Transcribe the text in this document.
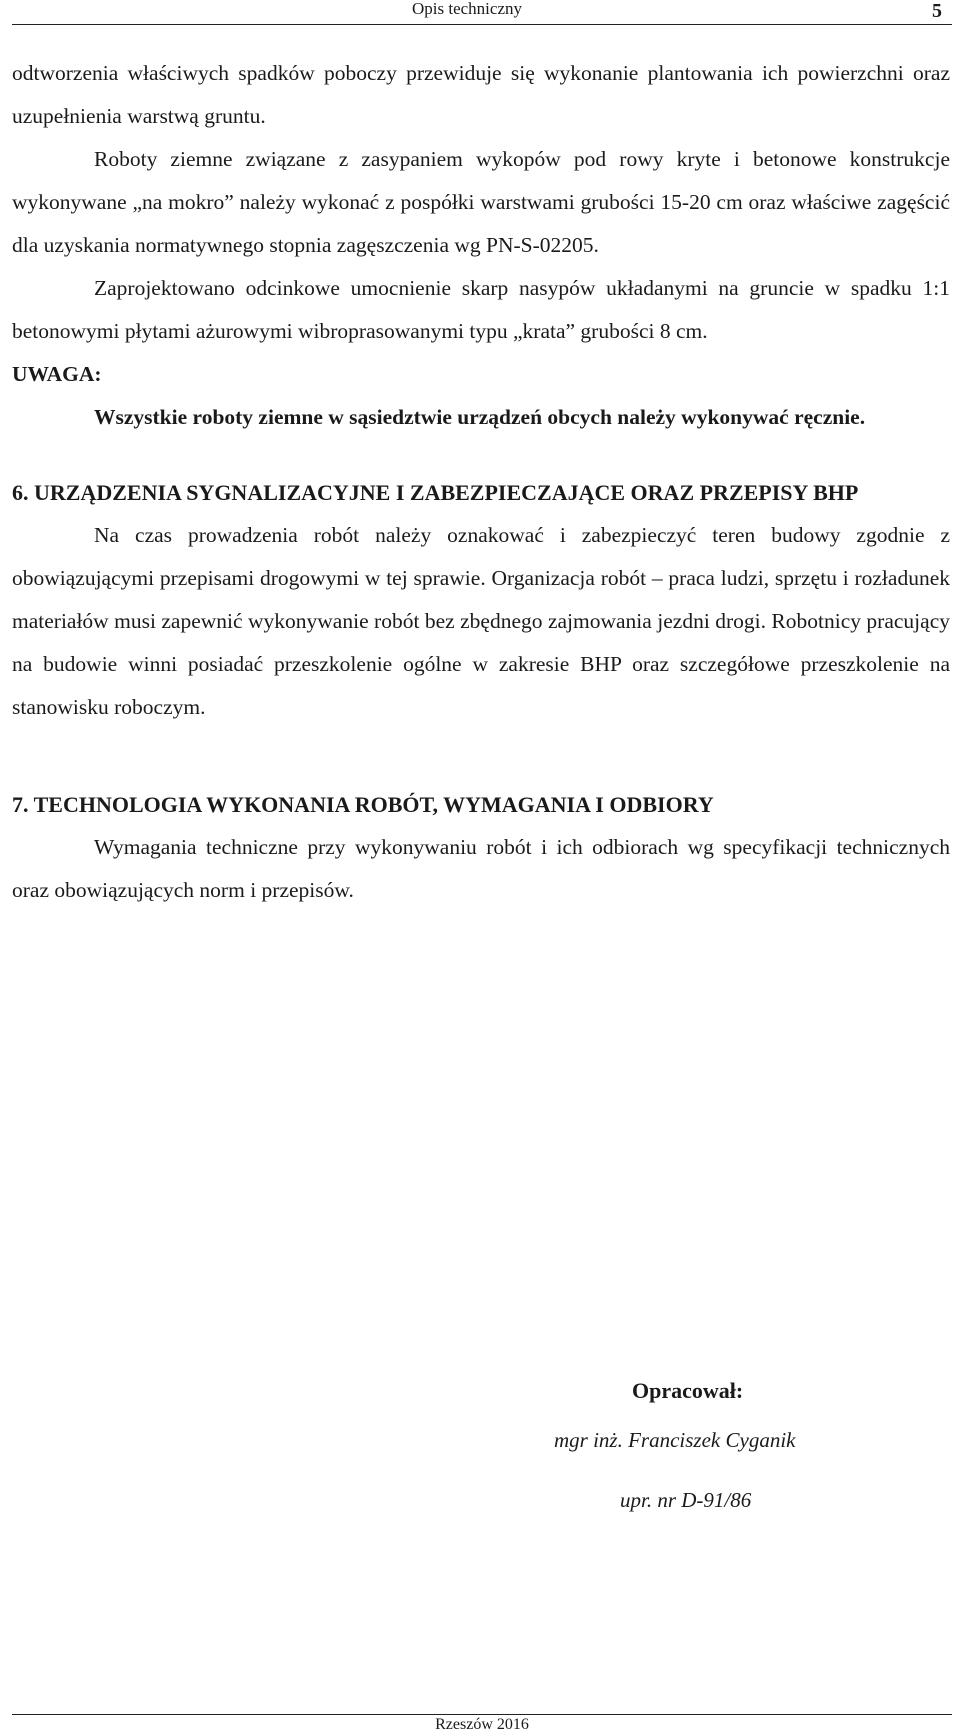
Opis techniczny	5

odtworzenia właściwych spadków poboczy przewiduje się wykonanie plantowania ich powierzchni oraz uzupełnienia warstwą gruntu.

Roboty ziemne związane z zasypaniem wykopów pod rowy kryte i betonowe konstrukcje wykonywane „na mokro” należy wykonać z pospółki warstwami grubości 15-20 cm oraz właściwe zagęścić dla uzyskania normatywnego stopnia zagęszczenia wg PN-S-02205.

Zaprojektowano odcinkowe umocnienie skarp nasypów układanymi na gruncie w spadku 1:1 betonowymi płytami ażurowymi wibroprasowanymi typu „krata” grubości 8 cm.

UWAGA:

Wszystkie roboty ziemne w sąsiedztwie urządzeń obcych należy wykonywać ręcznie.

6. URZĄDZENIA SYGNALIZACYJNE I ZABEZPIECZAJĄCE ORAZ PRZEPISY BHP

Na czas prowadzenia robót należy oznakować i zabezpieczyć teren budowy zgodnie z obowiązującymi przepisami drogowymi w tej sprawie. Organizacja robót – praca ludzi, sprzętu i rozładunek materiałów musi zapewnić wykonywanie robót bez zbędnego zajmowania jezdni drogi. Robotnicy pracujący na budowie winni posiadać przeszkolenie ogólne w zakresie BHP oraz szczegółowe przeszkolenie na stanowisku roboczym.

7. TECHNOLOGIA WYKONANIA ROBÓT, WYMAGANIA I ODBIORY

Wymagania techniczne przy wykonywaniu robót i ich odbiorach wg specyfikacji technicznych oraz obowiązujących norm i przepisów.

Opracował:
mgr inż. Franciszek Cyganik
upr. nr D-91/86
Rzeszów 2016
